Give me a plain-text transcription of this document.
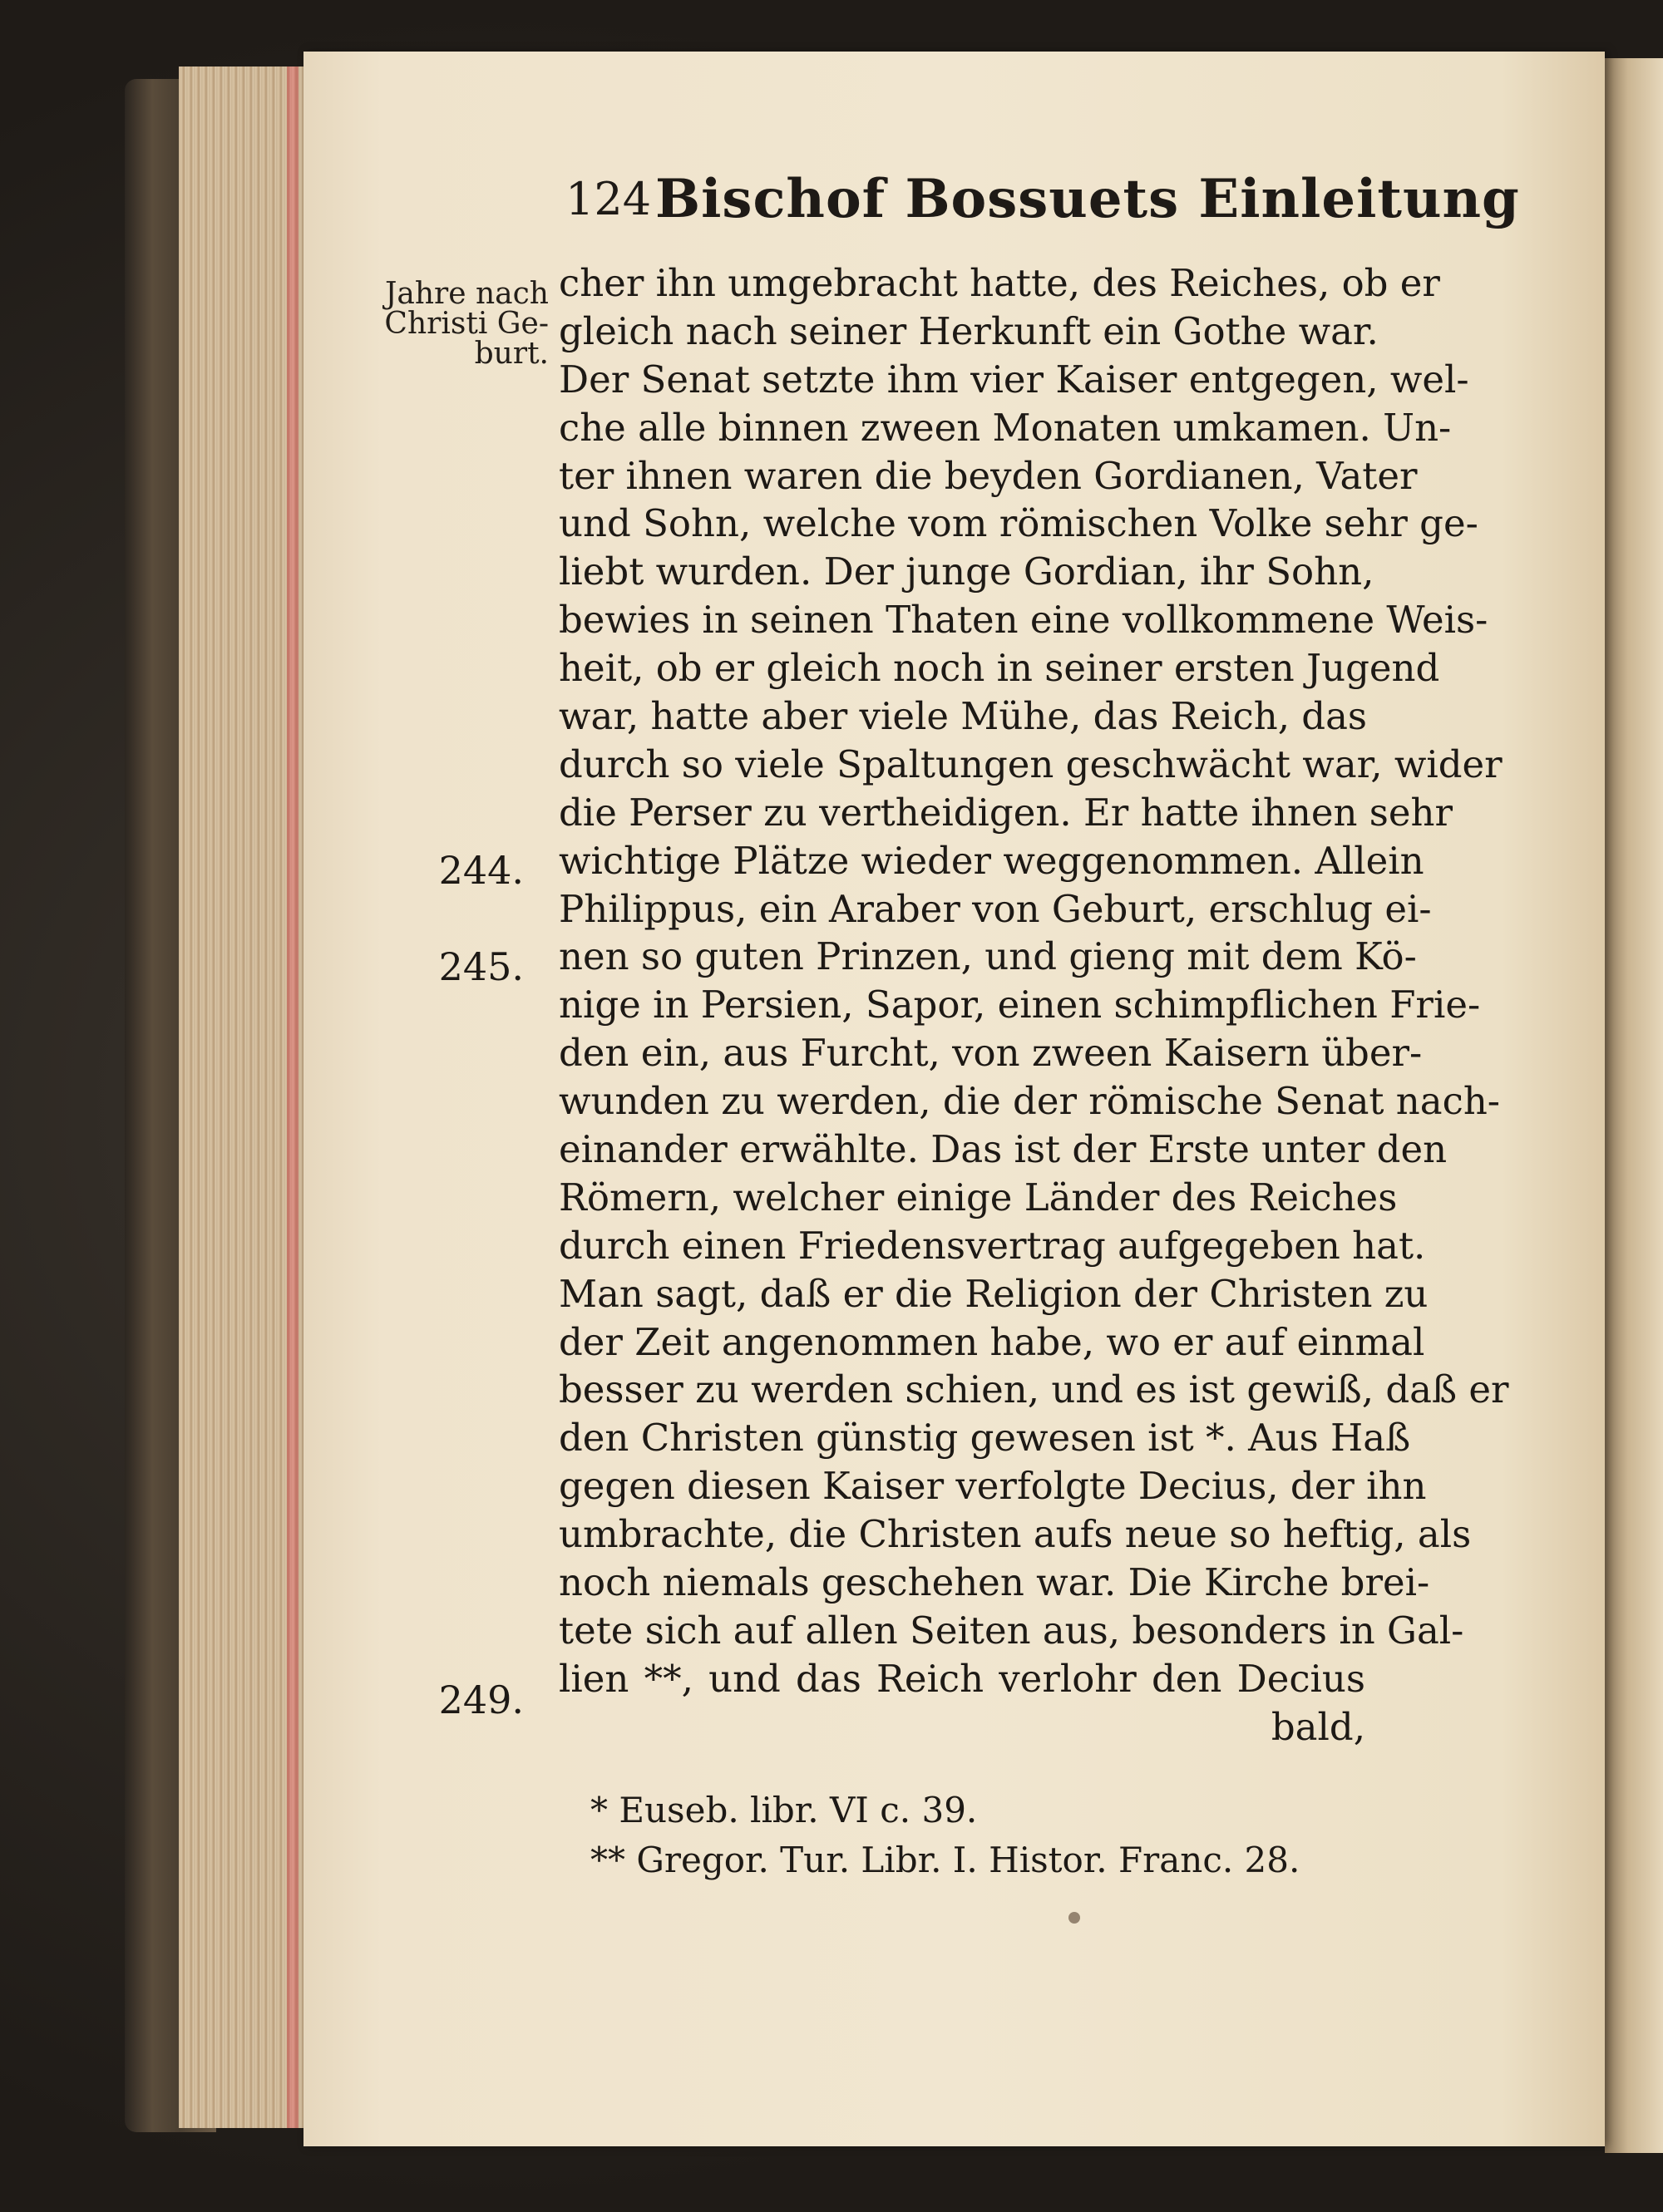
124 Bischof Bossuets Einleitung
Jahre nach
Christi Ge-
burt.
244.
245.
249.
cher ihn umgebracht hatte, des Reiches, ob er
gleich nach seiner Herkunft ein Gothe war.
Der Senat setzte ihm vier Kaiser entgegen, wel-
che alle binnen zween Monaten umkamen. Un-
ter ihnen waren die beyden Gordianen, Vater
und Sohn, welche vom römischen Volke sehr ge-
liebt wurden. Der junge Gordian, ihr Sohn,
bewies in seinen Thaten eine vollkommene Weis-
heit, ob er gleich noch in seiner ersten Jugend
war, hatte aber viele Mühe, das Reich, das
durch so viele Spaltungen geschwächt war, wider
die Perser zu vertheidigen. Er hatte ihnen sehr
wichtige Plätze wieder weggenommen. Allein
Philippus, ein Araber von Geburt, erschlug ei-
nen so guten Prinzen, und gieng mit dem Kö-
nige in Persien, Sapor, einen schimpflichen Frie-
den ein, aus Furcht, von zween Kaisern über-
wunden zu werden, die der römische Senat nach-
einander erwählte. Das ist der Erste unter den
Römern, welcher einige Länder des Reiches
durch einen Friedensvertrag aufgegeben hat.
Man sagt, daß er die Religion der Christen zu
der Zeit angenommen habe, wo er auf einmal
besser zu werden schien, und es ist gewiß, daß er
den Christen günstig gewesen ist *. Aus Haß
gegen diesen Kaiser verfolgte Decius, der ihn
umbrachte, die Christen aufs neue so heftig, als
noch niemals geschehen war. Die Kirche brei-
tete sich auf allen Seiten aus, besonders in Gal-
lien **, und das Reich verlohr den Decius
bald,
* Euseb. libr. VI c. 39.
** Gregor. Tur. Libr. I. Histor. Franc. 28.
